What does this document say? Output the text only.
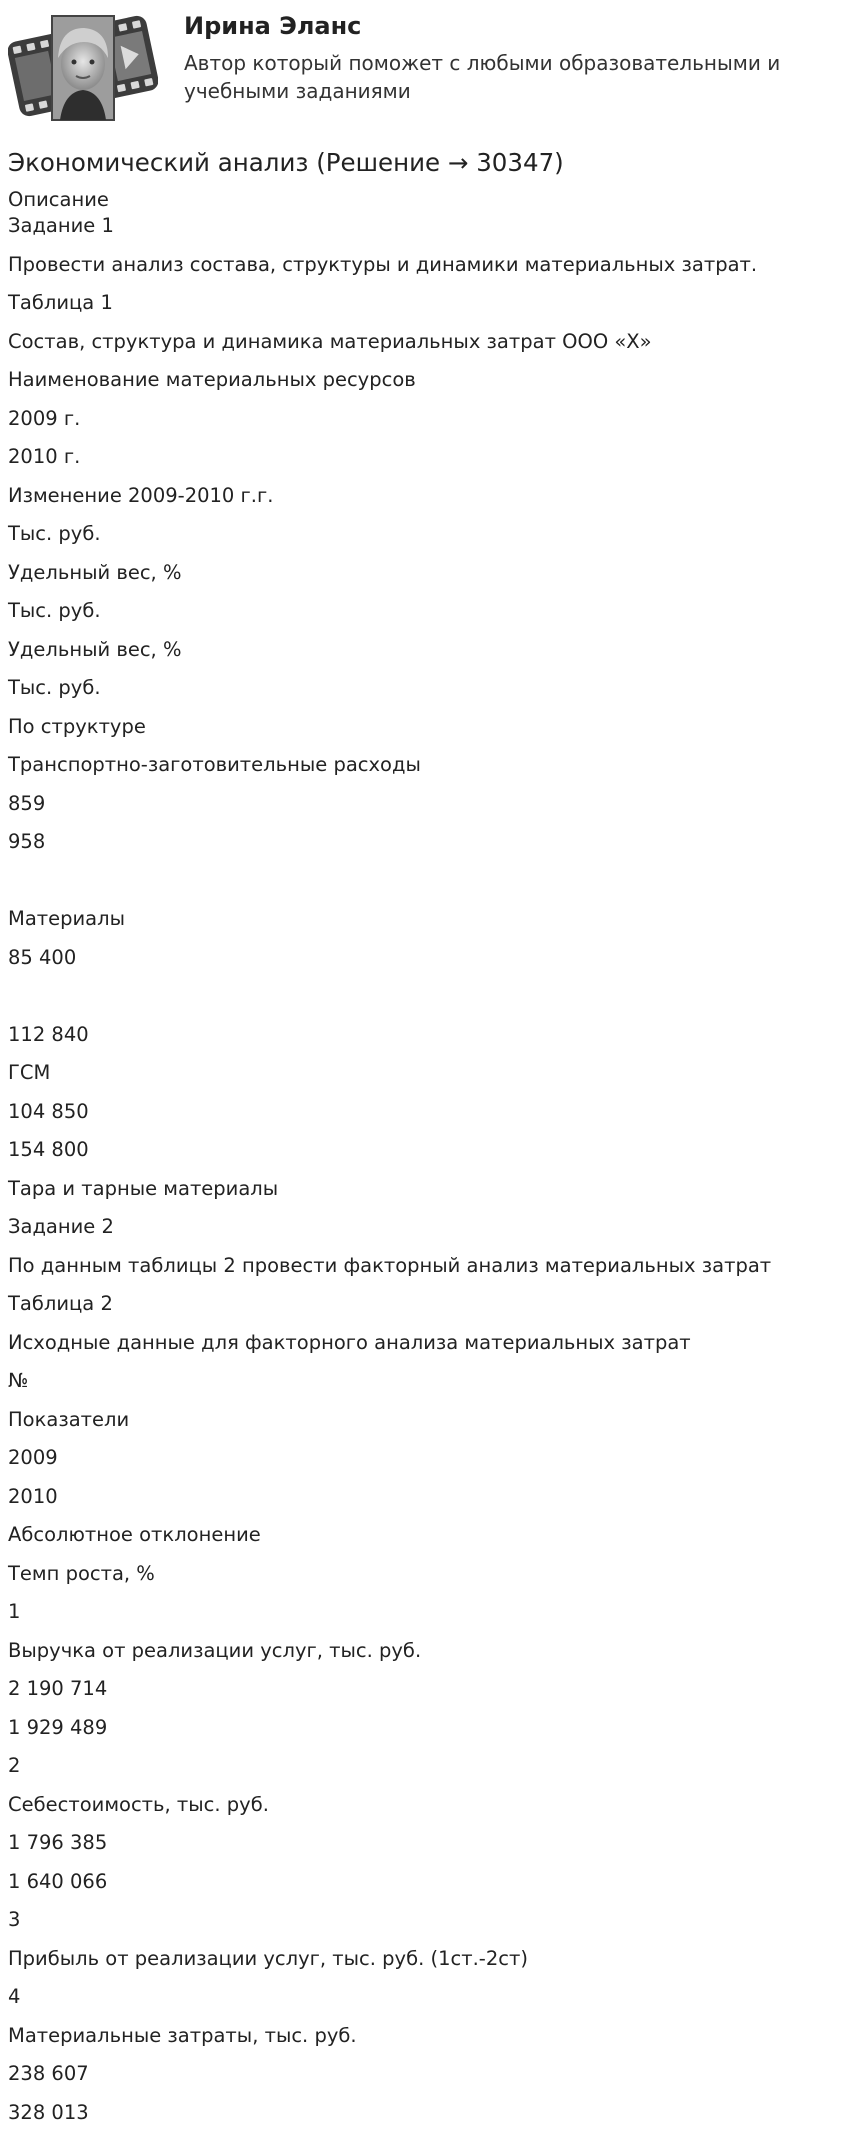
Ирина Эланс
Автор который поможет с любыми образовательными и учебными заданиями
Экономический анализ (Решение → 30347)
Описание
Задание 1
Провести анализ состава, структуры и динамики материальных затрат.
Таблица 1
Состав, структура и динамика материальных затрат ООО «Х»
Наименование материальных ресурсов
2009 г.
2010 г.
Изменение 2009-2010 г.г.
Тыс. руб.
Удельный вес, %
Тыс. руб.
Удельный вес, %
Тыс. руб.
По структуре
Транспортно-заготовительные расходы
859
958
Материалы
85 400
112 840
ГСМ
104 850
154 800
Тара и тарные материалы
Задание 2
По данным таблицы 2 провести факторный анализ материальных затрат
Таблица 2
Исходные данные для факторного анализа материальных затрат
№
Показатели
2009
2010
Абсолютное отклонение
Темп роста, %
1
Выручка от реализации услуг, тыс. руб.
2 190 714
1 929 489
2
Себестоимость, тыс. руб.
1 796 385
1 640 066
3
Прибыль от реализации услуг, тыс. руб. (1ст.-2ст)
4
Материальные затраты, тыс. руб.
238 607
328 013
